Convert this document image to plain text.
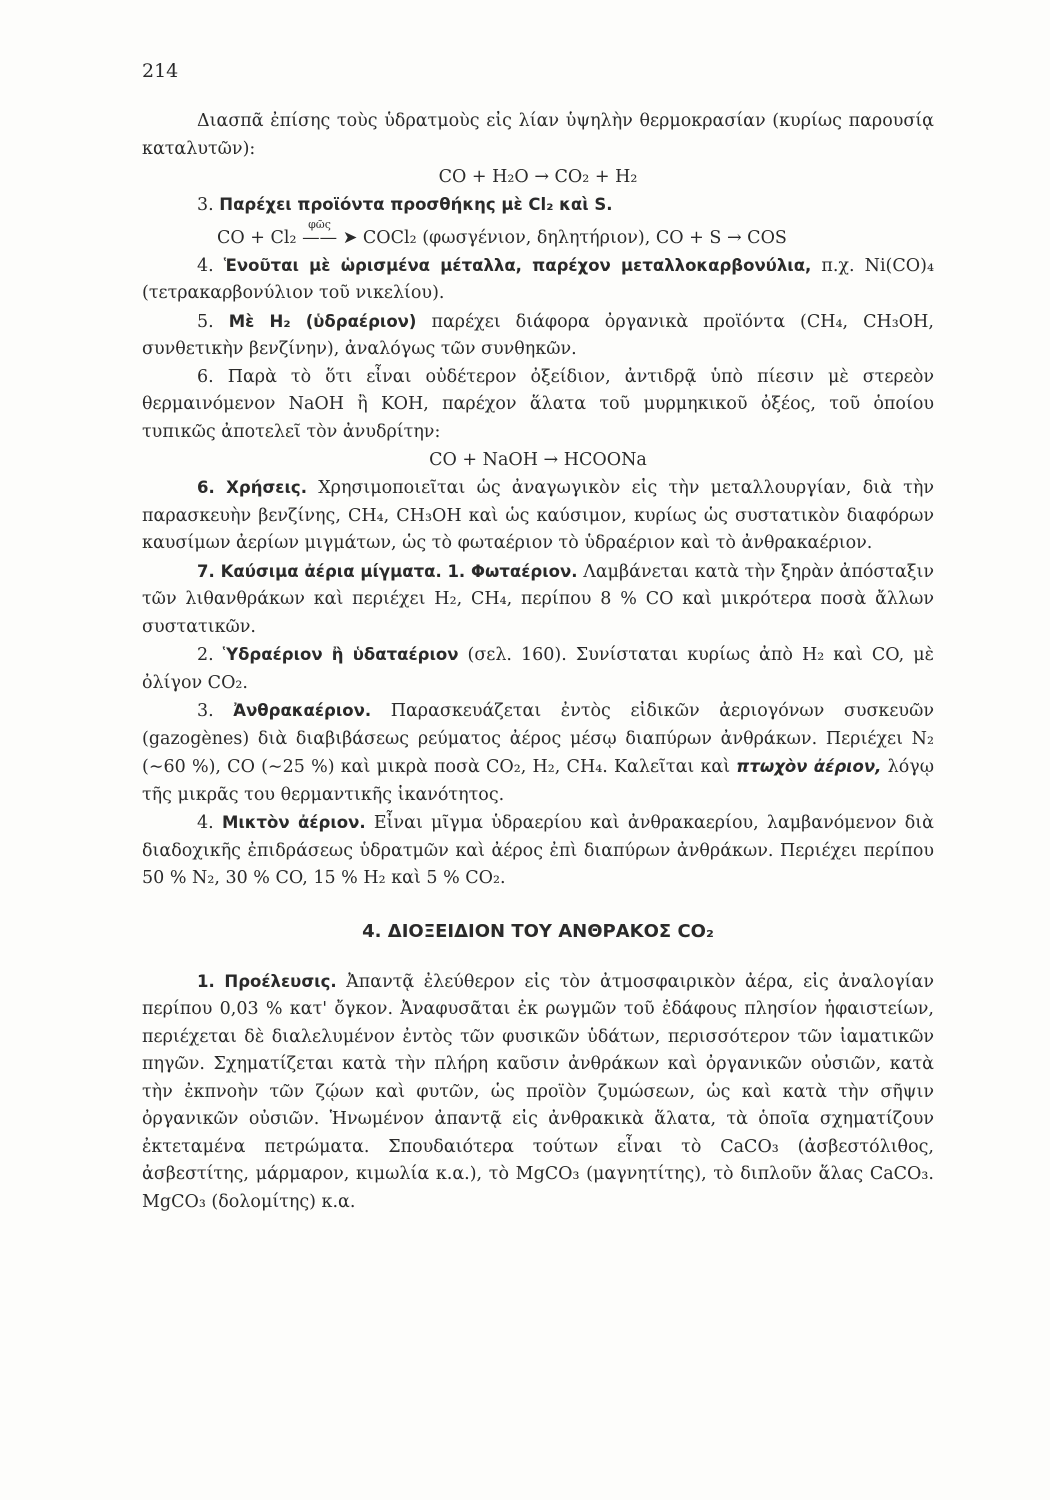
214

Διασπᾶ ἐπίσης τοὺς ὑδρατμοὺς εἰς λίαν ὑψηλὴν θερμοκρασίαν (κυρίως παρουσίᾳ καταλυτῶν):

CO + H₂O → CO₂ + H₂

3. Παρέχει προϊόντα προσθήκης μὲ Cl₂ καὶ S.

CO + Cl₂
φῶς
—— ➤ COCl₂ (φωσγένιον, δηλητήριον), CO + S → COS

4. Ἑνοῦται μὲ ὡρισμένα μέταλλα, παρέχον μεταλλοκαρβονύλια, π.χ. Ni(CO)₄ (τετρακαρβονύλιον τοῦ νικελίου).

5. Μὲ H₂ (ὑδραέριον) παρέχει διάφορα ὀργανικὰ προϊόντα (CH₄, CH₃OH, συνθετικὴν βενζίνην), ἀναλόγως τῶν συνθηκῶν.

6. Παρὰ τὸ ὅτι εἶναι οὐδέτερον ὀξείδιον, ἀντιδρᾷ ὑπὸ πίεσιν μὲ στερεὸν θερμαινόμενον NaOH ἢ KOH, παρέχον ἅλατα τοῦ μυρμηκικοῦ ὀξέος, τοῦ ὁποίου τυπικῶς ἀποτελεῖ τὸν ἀνυδρίτην:

CO + NaOH → HCOONa

6. Χρήσεις. Χρησιμοποιεῖται ὡς ἀναγωγικὸν εἰς τὴν μεταλλουργίαν, διὰ τὴν παρασκευὴν βενζίνης, CH₄, CH₃OH καὶ ὡς καύσιμον, κυρίως ὡς συστατικὸν διαφόρων καυσίμων ἀερίων μιγμάτων, ὡς τὸ φωταέριον τὸ ὑδραέριον καὶ τὸ ἀνθρακαέριον.

7. Καύσιμα ἀέρια μίγματα. 1. Φωταέριον. Λαμβάνεται κατὰ τὴν ξηρὰν ἀπόσταξιν τῶν λιθανθράκων καὶ περιέχει H₂, CH₄, περίπου 8 % CO καὶ μικρότερα ποσὰ ἄλλων συστατικῶν.

2. Ὑδραέριον ἢ ὑδαταέριον (σελ. 160). Συνίσταται κυρίως ἀπὸ H₂ καὶ CO, μὲ ὀλίγον CO₂.

3. Ἀνθρακαέριον. Παρασκευάζεται ἐντὸς εἰδικῶν ἀεριογόνων συσκευῶν (gazogènes) διὰ διαβιβάσεως ρεύματος ἀέρος μέσῳ διαπύρων ἀνθράκων. Περιέχει N₂ (∼60 %), CO (∼25 %) καὶ μικρὰ ποσὰ CO₂, H₂, CH₄. Καλεῖται καὶ πτωχὸν ἀέριον, λόγῳ τῆς μικρᾶς του θερμαντικῆς ἱκανότητος.

4. Μικτὸν ἀέριον. Εἶναι μῖγμα ὑδραερίου καὶ ἀνθρακαερίου, λαμβανόμενον διὰ διαδοχικῆς ἐπιδράσεως ὑδρατμῶν καὶ ἀέρος ἐπὶ διαπύρων ἀνθράκων. Περιέχει περίπου 50 % N₂, 30 % CO, 15 % H₂ καὶ 5 % CO₂.

4. ΔΙΟΞΕΙΔΙΟΝ ΤΟΥ ΑΝΘΡΑΚΟΣ CO₂

1. Προέλευσις. Ἀπαντᾷ ἐλεύθερον εἰς τὸν ἀτμοσφαιρικὸν ἀέρα, εἰς ἀναλογίαν περίπου 0,03 % κατ' ὄγκον. Ἀναφυσᾶται ἐκ ρωγμῶν τοῦ ἐδάφους πλησίον ἡφαιστείων, περιέχεται δὲ διαλελυμένον ἐντὸς τῶν φυσικῶν ὑδάτων, περισσότερον τῶν ἰαματικῶν πηγῶν. Σχηματίζεται κατὰ τὴν πλήρη καῦσιν ἀνθράκων καὶ ὀργανικῶν οὐσιῶν, κατὰ τὴν ἐκπνοὴν τῶν ζῴων καὶ φυτῶν, ὡς προϊὸν ζυμώσεων, ὡς καὶ κατὰ τὴν σῆψιν ὀργανικῶν οὐσιῶν. Ἡνωμένον ἀπαντᾷ εἰς ἀνθρακικὰ ἅλατα, τὰ ὁποῖα σχηματίζουν ἐκτεταμένα πετρώματα. Σπουδαιότερα τούτων εἶναι τὸ CaCO₃ (ἀσβεστόλιθος, ἀσβεστίτης, μάρμαρον, κιμωλία κ.α.), τὸ MgCO₃ (μαγνητίτης), τὸ διπλοῦν ἅλας CaCO₃. MgCO₃ (δολομίτης) κ.α.
